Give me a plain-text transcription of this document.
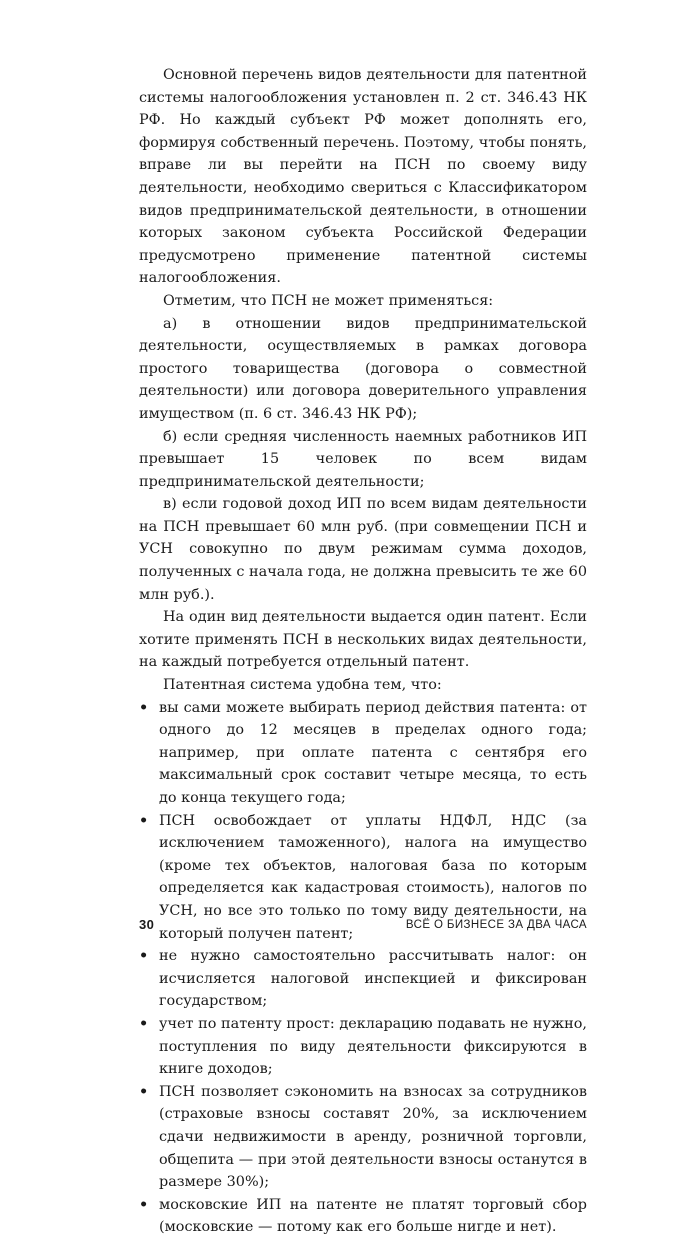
Основной перечень видов деятельности для патентной системы налогообложения установлен п. 2 ст. 346.43 НК РФ. Но каждый субъект РФ может дополнять его, формируя собственный перечень. Поэтому, чтобы понять, вправе ли вы перейти на ПСН по своему виду деятельности, необходимо свериться с Классификатором видов предпринимательской деятельности, в отношении которых законом субъекта Российской Федерации предусмотрено применение патентной системы налогообложения.

Отметим, что ПСН не может применяться:

а) в отношении видов предпринимательской деятельности, осуществляемых в рамках договора простого товарищества (договора о совместной деятельности) или договора доверительного управления имуществом (п. 6 ст. 346.43 НК РФ);

б) если средняя численность наемных работников ИП превышает 15 человек по всем видам предпринимательской деятельности;

в) если годовой доход ИП по всем видам деятельности на ПСН превышает 60 млн руб. (при совмещении ПСН и УСН совокупно по двум режимам сумма доходов, полученных с начала года, не должна превысить те же 60 млн руб.).

На один вид деятельности выдается один патент. Если хотите применять ПСН в нескольких видах деятельности, на каждый потребуется отдельный патент.

Патентная система удобна тем, что:

• вы сами можете выбирать период действия патента: от одного до 12 месяцев в пределах одного года; например, при оплате патента с сентября его максимальный срок составит четыре месяца, то есть до конца текущего года;
• ПСН освобождает от уплаты НДФЛ, НДС (за исключением таможенного), налога на имущество (кроме тех объектов, налоговая база по которым определяется как кадастровая стоимость), налогов по УСН, но все это только по тому виду деятельности, на который получен патент;
• не нужно самостоятельно рассчитывать налог: он исчисляется налоговой инспекцией и фиксирован государством;
• учет по патенту прост: декларацию подавать не нужно, поступления по виду деятельности фиксируются в книге доходов;
• ПСН позволяет сэкономить на взносах за сотрудников (страховые взносы составят 20%, за исключением сдачи недвижимости в аренду, розничной торговли, общепита — при этой деятельности взносы останутся в размере 30%);
• московские ИП на патенте не платят торговый сбор (московские — потому как его больше нигде и нет).
30	ВСЁ О БИЗНЕСЕ ЗА ДВА ЧАСА
